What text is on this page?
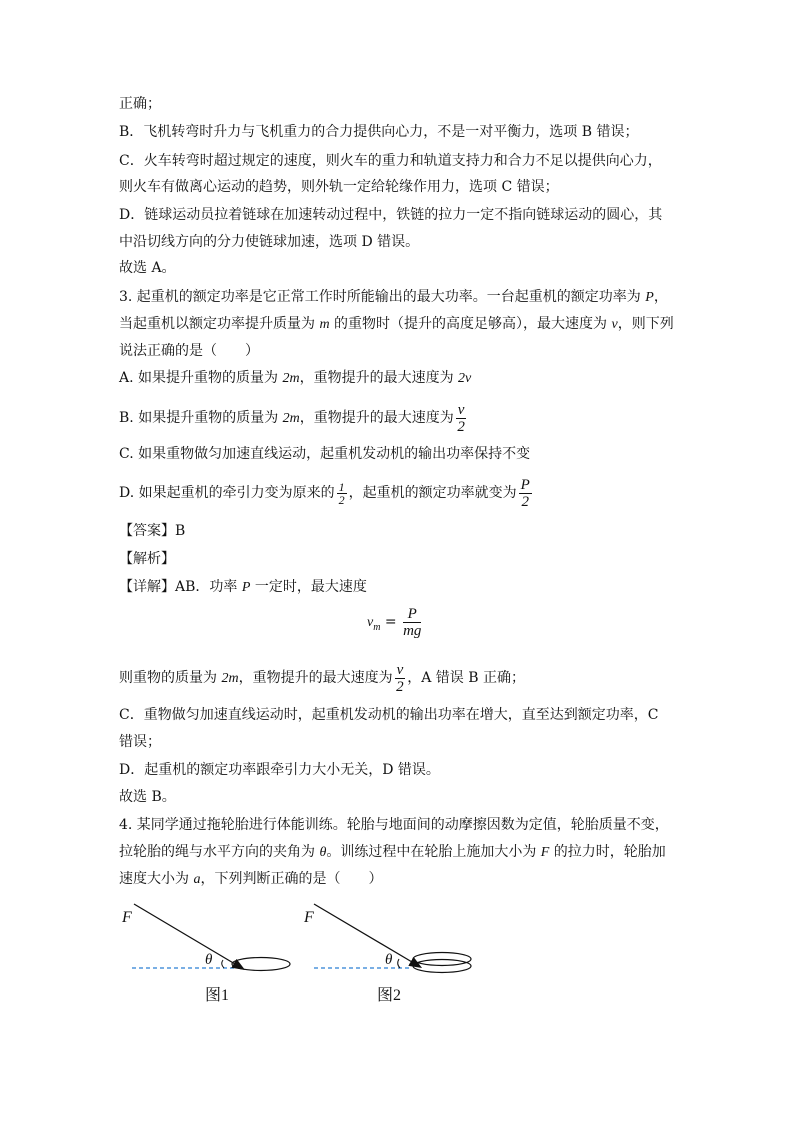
正确；
B．飞机转弯时升力与飞机重力的合力提供向心力，不是一对平衡力，选项 B 错误；
C．火车转弯时超过规定的速度，则火车的重力和轨道支持力和合力不足以提供向心力，
则火车有做离心运动的趋势，则外轨一定给轮缘作用力，选项 C 错误；
D．链球运动员拉着链球在加速转动过程中，铁链的拉力一定不指向链球运动的圆心，其
中沿切线方向的分力使链球加速，选项 D 错误。
故选 A。
3. 起重机的额定功率是它正常工作时所能输出的最大功率。一台起重机的额定功率为 P，
当起重机以额定功率提升质量为 m 的重物时（提升的高度足够高），最大速度为 v，则下列
说法正确的是（　　）
A. 如果提升重物的质量为 2m，重物提升的最大速度为 2v
B. 如果提升重物的质量为 2m，重物提升的最大速度为 $\frac{v}{2}$
C. 如果重物做匀加速直线运动，起重机发动机的输出功率保持不变
D. 如果起重机的牵引力变为原来的 $\frac{1}{2}$ ，起重机的额定功率就变为 $\frac{P}{2}$
【答案】B
【解析】
【详解】AB．功率 P 一定时，最大速度
$v_m = \frac{P}{mg}$
则重物的质量为 2m，重物提升的最大速度为 $\frac{v}{2}$ ，A 错误 B 正确；
C．重物做匀加速直线运动时，起重机发动机的输出功率在增大，直至达到额定功率，C
错误；
D．起重机的额定功率跟牵引力大小无关，D 错误。
故选 B。
4. 某同学通过拖轮胎进行体能训练。轮胎与地面间的动摩擦因数为定值，轮胎质量不变，
拉轮胎的绳与水平方向的夹角为 θ。训练过程中在轮胎上施加大小为 F 的拉力时，轮胎加
速度大小为 a，下列判断正确的是（　　）
F
θ
图1
F
θ
图2
